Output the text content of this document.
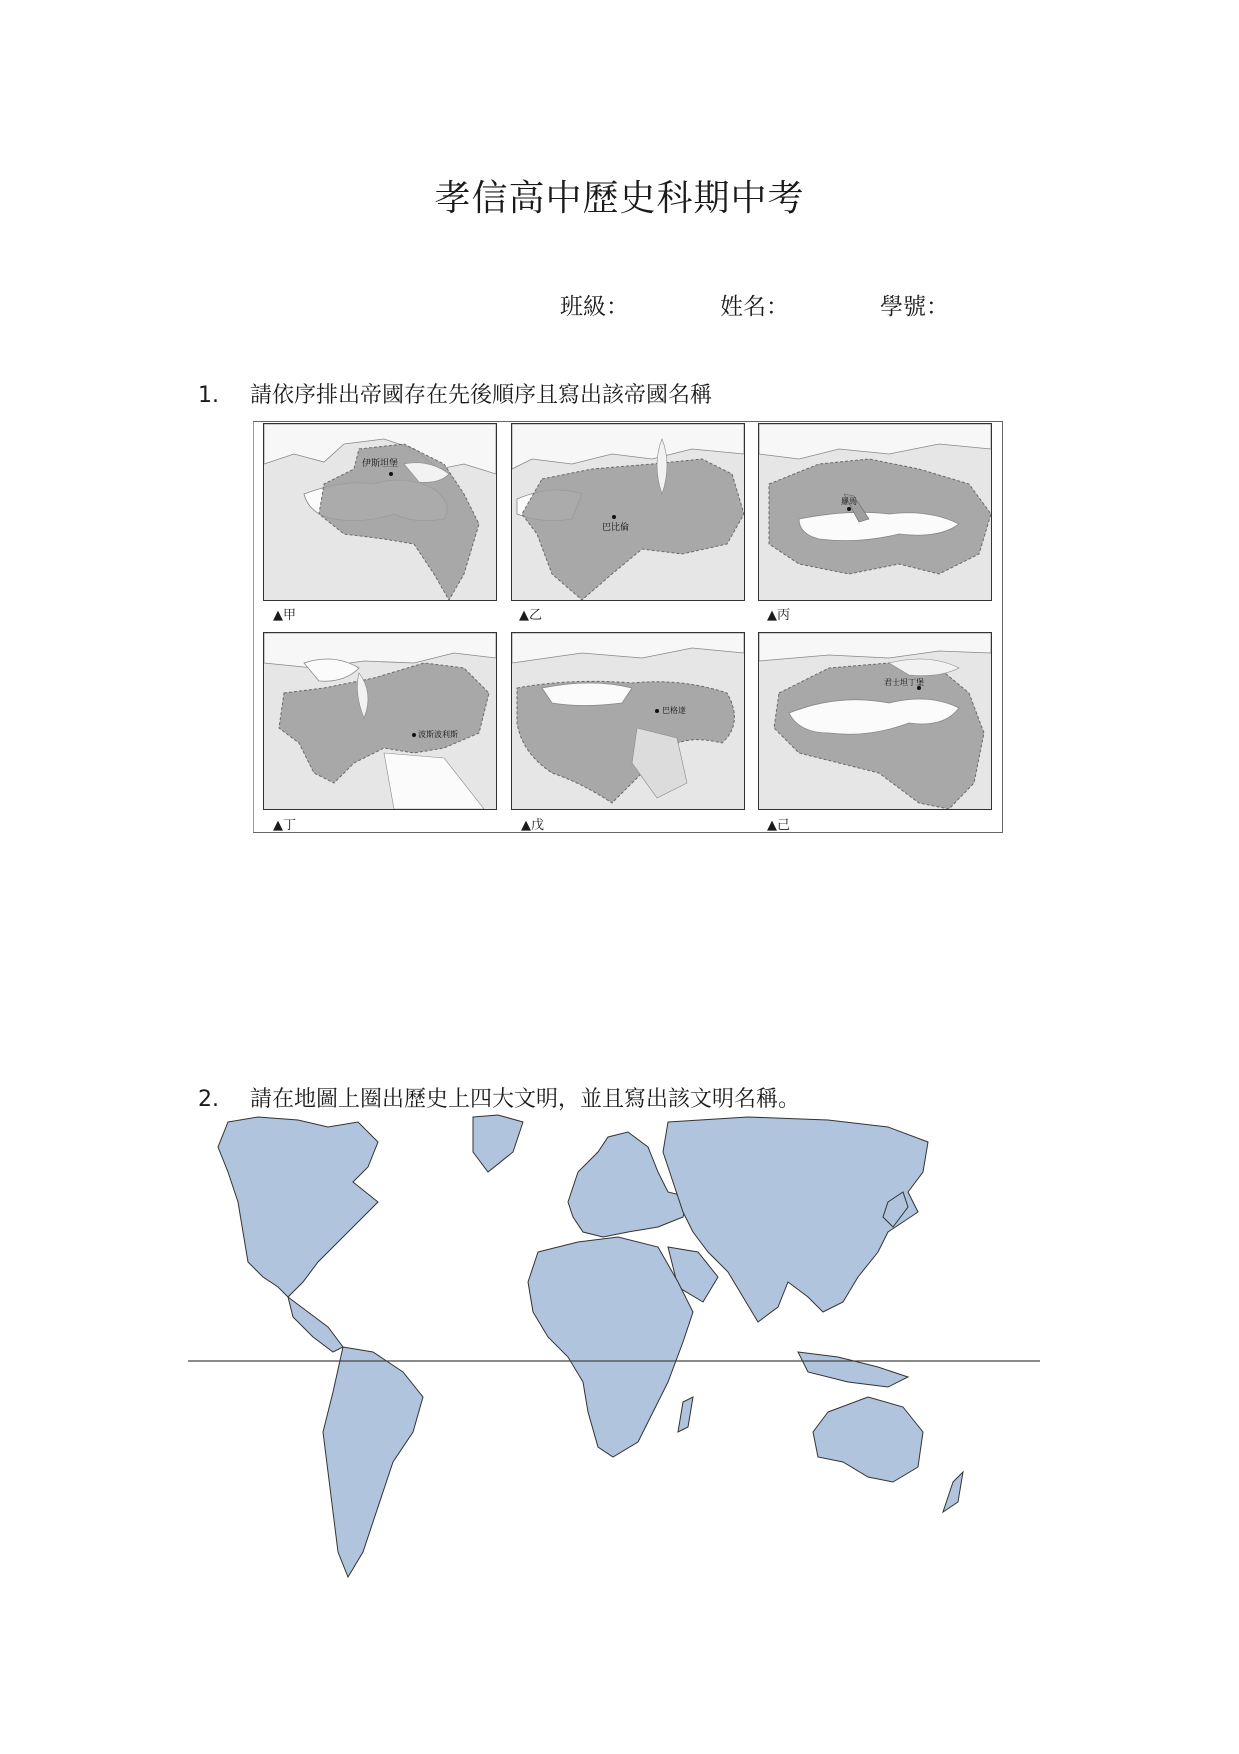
孝信高中歷史科期中考
班級：	姓名：	學號：
1. 請依序排出帝國存在先後順序且寫出該帝國名稱
伊斯坦堡
▲甲
巴比倫
▲乙
羅馬
▲丙
波斯波利斯
▲丁
巴格達
▲戊
君士坦丁堡
▲己
2. 請在地圖上圈出歷史上四大文明，並且寫出該文明名稱。
